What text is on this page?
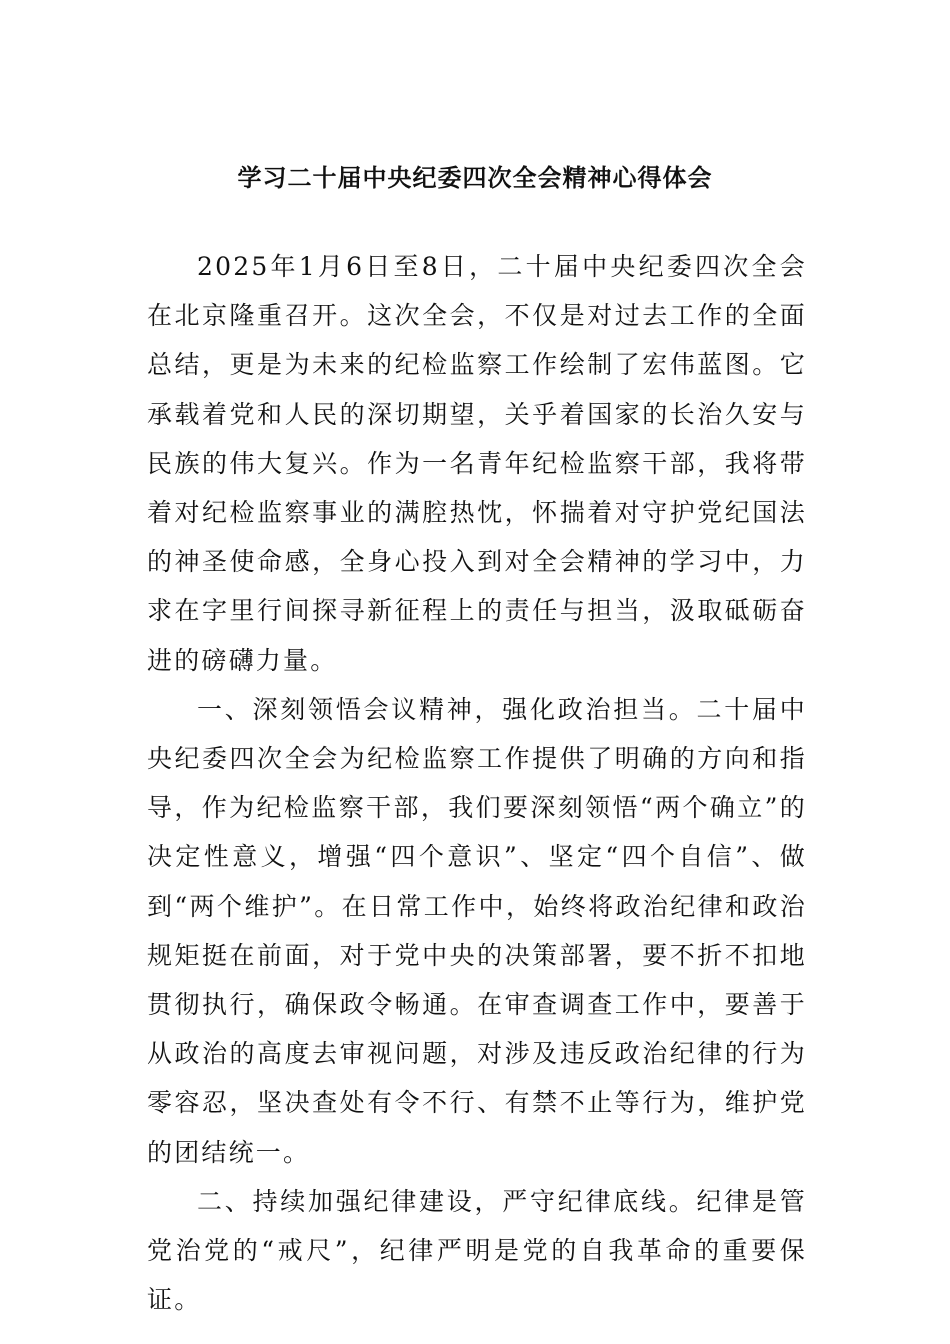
学习二十届中央纪委四次全会精神心得体会

2025年1月6日至8日，二十届中央纪委四次全会在北京隆重召开。这次全会，不仅是对过去工作的全面总结，更是为未来的纪检监察工作绘制了宏伟蓝图。它承载着党和人民的深切期望，关乎着国家的长治久安与民族的伟大复兴。作为一名青年纪检监察干部，我将带着对纪检监察事业的满腔热忱，怀揣着对守护党纪国法的神圣使命感，全身心投入到对全会精神的学习中，力求在字里行间探寻新征程上的责任与担当，汲取砥砺奋进的磅礴力量。

一、深刻领悟会议精神，强化政治担当。二十届中央纪委四次全会为纪检监察工作提供了明确的方向和指导，作为纪检监察干部，我们要深刻领悟“两个确立”的决定性意义，增强“四个意识”、坚定“四个自信”、做到“两个维护”。在日常工作中，始终将政治纪律和政治规矩挺在前面，对于党中央的决策部署，要不折不扣地贯彻执行，确保政令畅通。在审查调查工作中，要善于从政治的高度去审视问题，对涉及违反政治纪律的行为零容忍，坚决查处有令不行、有禁不止等行为，维护党的团结统一。

二、持续加强纪律建设，严守纪律底线。纪律是管党治党的“戒尺”，纪律严明是党的自我革命的重要保证。
